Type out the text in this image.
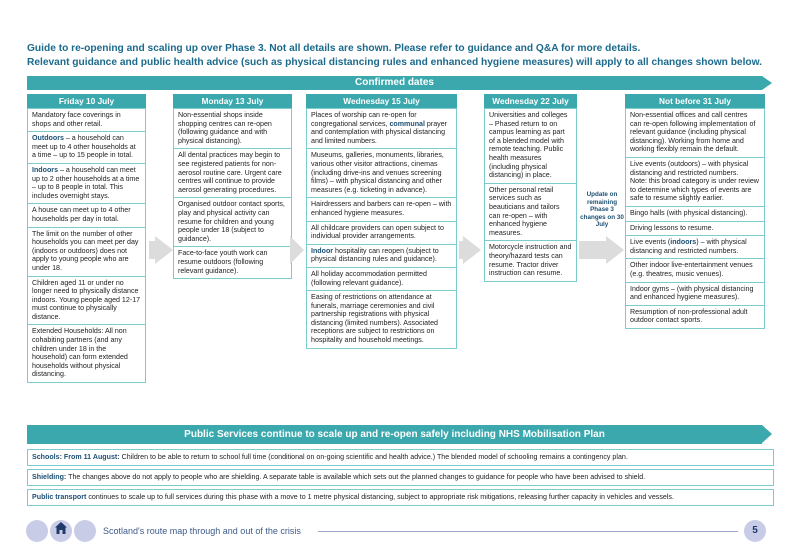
Guide to re-opening and scaling up over Phase 3. Not all details are shown. Please refer to guidance and Q&A for more details.
Relevant guidance and public health advice (such as physical distancing rules and enhanced hygiene measures) will apply to all changes shown below.
Confirmed dates
Friday 10 July
Mandatory face coverings in shops and other retail.
Outdoors – a household can meet up to 4 other households at a time – up to 15 people in total.
Indoors – a household can meet up to 2 other households at a time – up to 8 people in total. This includes overnight stays.
A house can meet up to 4 other households per day in total.
The limit on the number of other households you can meet per day (indoors or outdoors) does not apply to young people who are under 18.
Children aged 11 or under no longer need to physically distance indoors. Young people aged 12-17 must continue to physically distance.
Extended Households: All non cohabiting partners (and any children under 18 in the household) can form extended households without physical distancing.
Monday 13 July
Non-essential shops inside shopping centres can re-open (following guidance and with physical distancing).
All dental practices may begin to see registered patients for non-aerosol routine care. Urgent care centres will continue to provide aerosol generating procedures.
Organised outdoor contact sports, play and physical activity can resume for children and young people under 18 (subject to guidance).
Face-to-face youth work can resume outdoors (following relevant guidance).
Wednesday 15 July
Places of worship can re-open for congregational services, communal prayer and contemplation with physical distancing and limited numbers.
Museums, galleries, monuments, libraries, various other visitor attractions, cinemas (including drive-ins and venues screening films) – with physical distancing and other measures (e.g. ticketing in advance).
Hairdressers and barbers can re-open – with enhanced hygiene measures.
All childcare providers can open subject to individual provider arrangements.
Indoor hospitality can reopen (subject to physical distancing rules and guidance).
All holiday accommodation permitted (following relevant guidance).
Easing of restrictions on attendance at funerals, marriage ceremonies and civil partnership registrations with physical distancing (limited numbers). Associated receptions are subject to restrictions on hospitality and household meetings.
Wednesday 22 July
Universities and colleges – Phased return to on campus learning as part of a blended model with remote teaching. Public health measures (including physical distancing) in place.
Other personal retail services such as beauticians and tailors can re-open – with enhanced hygiene measures.
Motorcycle instruction and theory/hazard tests can resume. Tractor driver instruction can resume.
Not before 31 July
Non-essential offices and call centres can re-open following implementation of relevant guidance (including physical distancing). Working from home and working flexibly remain the default.
Live events (outdoors) – with physical distancing and restricted numbers.
Note: this broad category is under review to determine which types of events are safe to resume slightly earlier.
Bingo halls (with physical distancing).
Driving lessons to resume.
Live events (indoors) – with physical distancing and restricted numbers.
Other indoor live-entertainment venues (e.g. theatres, music venues).
Indoor gyms – (with physical distancing and enhanced hygiene measures).
Resumption of non-professional adult outdoor contact sports.
Update on remaining Phase 3 changes on 30 July
Public Services continue to scale up and re-open safely including NHS Mobilisation Plan
Schools: From 11 August: Children to be able to return to school full time (conditional on on-going scientific and health advice.) The blended model of schooling remains a contingency plan.
Shielding: The changes above do not apply to people who are shielding. A separate table is available which sets out the planned changes to guidance for people who have been advised to shield.
Public transport continues to scale up to full services during this phase with a move to 1 metre physical distancing, subject to appropriate risk mitigations, releasing further capacity in vehicles and vessels.
Scotland's route map through and out of the crisis	5
